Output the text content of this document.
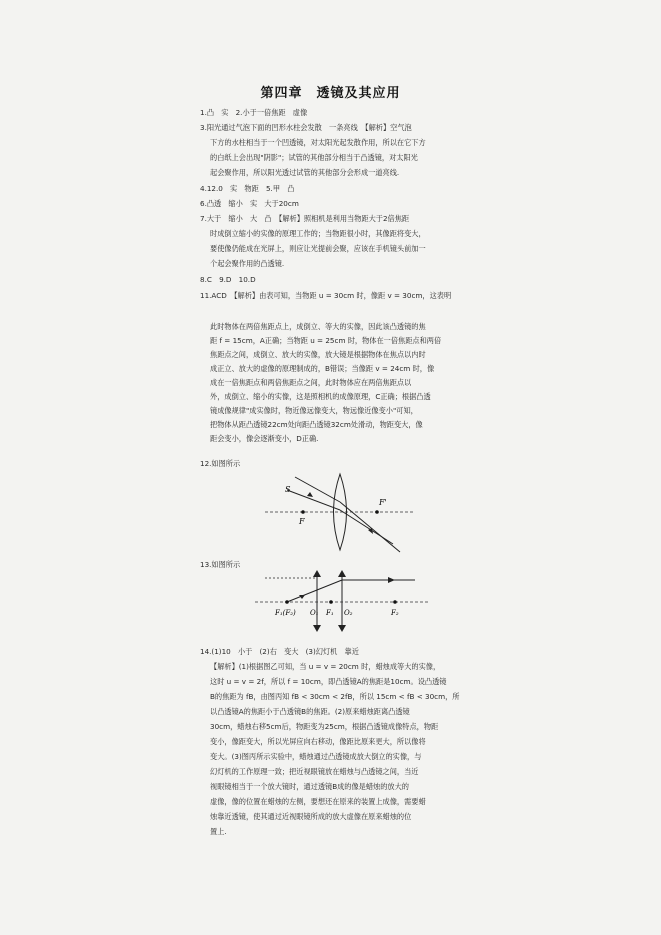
第四章　透镜及其应用
1.凸　实　2.小于一倍焦距　虚像
3.阳光通过气泡下面的凹形水柱会发散　一条亮线　【解析】空气泡
下方的水柱相当于一个凹透镜，对太阳光起发散作用，所以在它下方
的白纸上会出现"阴影"；试管的其他部分相当于凸透镜，对太阳光
起会聚作用，所以阳光透过试管的其他部分会形成一道亮线.
4.12.0　实　物距　5.甲　凸
6.凸透　缩小　实　大于20cm
7.大于　缩小　大　凸　【解析】照相机是利用当物距大于2倍焦距
时成倒立缩小的实像的原理工作的；当物距很小时，其像距将变大，
要使像仍能成在光屏上，则应让光提前会聚，应该在手机镜头前加一
个起会聚作用的凸透镜.
8.C　9.D　10.D
11.ACD　【解析】由表可知，当物距 u = 30cm 时，像距 v = 30cm，这表明
此时物体在两倍焦距点上，成倒立、等大的实像，因此该凸透镜的焦
距 f = 15cm，A正确；当物距 u = 25cm 时，物体在一倍焦距点和两倍
焦距点之间，成倒立、放大的实像，放大镜是根据物体在焦点以内时
成正立、放大的虚像的原理制成的，B错误；当像距 v = 24cm 时，像
成在一倍焦距点和两倍焦距点之间，此时物体应在两倍焦距点以
外，成倒立、缩小的实像，这是照相机的成像原理，C正确；根据凸透
镜成像规律"成实像时，物近像远像变大，物远像近像变小"可知，
把物体从距凸透镜22cm处向距凸透镜32cm处滑动，物距变大，像
距会变小，像会逐渐变小，D正确.
12.如图所示
S
F
F'
13.如图所示
F₁(F₂) O₁ F₁ O₂	F₂
14.(1)10　小于　(2)右　变大　(3)幻灯机　靠近
【解析】(1)根据图乙可知，当 u = v = 20cm 时，蜡烛成等大的实像，
这时 u = v = 2f，所以 f = 10cm，即凸透镜A的焦距是10cm。设凸透镜
B的焦距为 fB，由图丙知 fB < 30cm < 2fB，所以 15cm < fB < 30cm，所
以凸透镜A的焦距小于凸透镜B的焦距。(2)原来蜡烛距离凸透镜
30cm，蜡烛右移5cm后，物距变为25cm，根据凸透镜成像特点，物距
变小，像距变大，所以光屏应向右移动，像距比原来更大，所以像将
变大。(3)图丙所示实验中，蜡烛通过凸透镜成放大倒立的实像，与
幻灯机的工作原理一致；把近视眼镜放在蜡烛与凸透镜之间，当近
视眼镜相当于一个放大镜时，通过透镜B成的像是蜡烛的放大的
虚像，像的位置在蜡烛的左侧，要想还在原来的装置上成像，需要蜡
烛靠近透镜，使其通过近视眼镜所成的放大虚像在原来蜡烛的位
置上.
